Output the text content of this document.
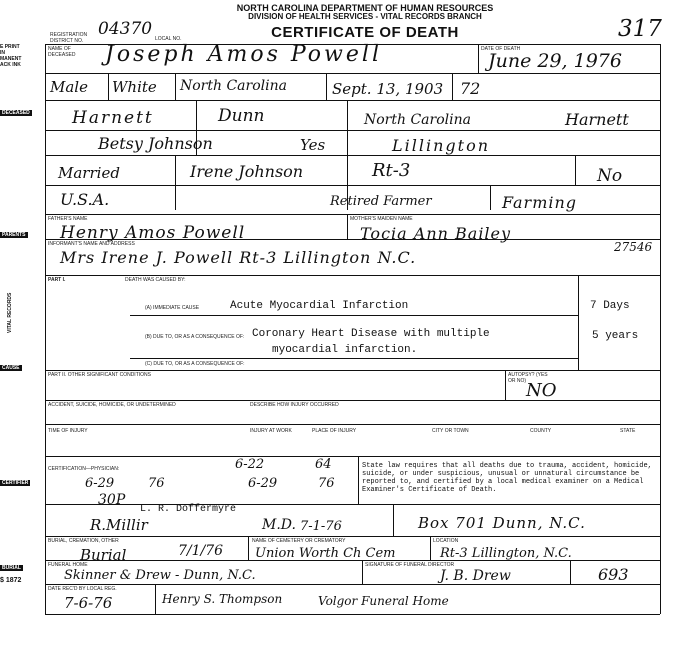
NORTH CAROLINA DEPARTMENT OF HUMAN RESOURCES
DIVISION OF HEALTH SERVICES - VITAL RECORDS BRANCH
CERTIFICATE OF DEATH
REGISTRATION DISTRICT NO.
04370 LOCAL NO.	317
E PRINT IN MANENT ACK INK
DECEASED
PARENTS
VITAL RECORDS
CAUSE
CERTIFIER
BURIAL
$ 1872
NAME OF DECEASED	Joseph Amos Powell	DATE OF DEATH
June 29, 1976
Male White North Carolina	Sept. 13, 1903 72
Harnett	Dunn	North Carolina	Harnett
Betsy Johnson	Yes	Lillington
Married	Irene Johnson	Rt-3	No
U.S.A.	Retired Farmer	Farming
FATHER'S NAME
Henry Amos Powell
MOTHER'S MAIDEN NAME
Tocia Ann Bailey
INFORMANT'S NAME AND ADDRESS
Mrs Irene J. Powell Rt-3 Lillington N.C.
27546
PART I.	DEATH WAS CAUSED BY:
(A) IMMEDIATE CAUSE	Acute Myocardial Infarction	7 Days
(B) DUE TO, OR AS A CONSEQUENCE OF: Coronary Heart Disease with multiple
myocardial infarction.
5 years
(C) DUE TO, OR AS A CONSEQUENCE OF:
PART II. OTHER SIGNIFICANT CONDITIONS	AUTOPSY? (YES OR NO) NO
ACCIDENT, SUICIDE, HOMICIDE, OR UNDETERMINED	DESCRIBE HOW INJURY OCCURRED
TIME OF INJURY	INJURY AT WORK	PLACE OF INJURY	CITY OR TOWN	COUNTY	STATE
CERTIFICATION—PHYSICIAN:	6-22	64
6-29	76	6-29	76
30P
State law requires that all deaths due to trauma, accident, homicide, suicide, or under suspicious, unusual or unnatural circumstance be reported to, and certified by a local medical examiner on a Medical Examiner's Certificate of Death.
L. R. Doffermyre
R.Millir	M.D. 7-1-76	Box 701 Dunn, N.C.
BURIAL, CREMATION, OTHER
Burial	7/1/76
NAME OF CEMETERY OR CREMATORY
Union Worth Ch Cem
LOCATION
Rt-3 Lillington, N.C.
FUNERAL HOME
Skinner & Drew - Dunn, N.C.
SIGNATURE OF FUNERAL DIRECTOR
J. B. Drew	693
DATE REC'D BY LOCAL REG.
7-6-76	Henry S. Thompson	Volgor Funeral Home
